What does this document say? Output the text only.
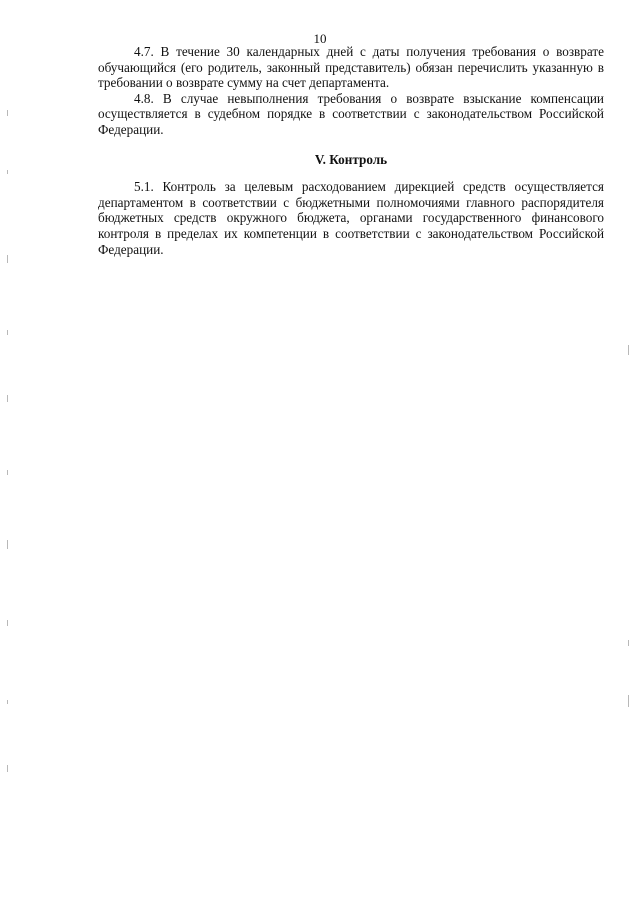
10

4.7. В течение 30 календарных дней с даты получения требования о возврате обучающийся (его родитель, законный представитель) обязан перечислить указанную в требовании о возврате сумму на счет департамента.

4.8. В случае невыполнения требования о возврате взыскание компенсации осуществляется в судебном порядке в соответствии с законодательством Российской Федерации.

V. Контроль

5.1. Контроль за целевым расходованием дирекцией средств осуществляется департаментом в соответствии с бюджетными полномочиями главного распорядителя бюджетных средств окружного бюджета, органами государственного финансового контроля в пределах их компетенции в соответствии с законодательством Российской Федерации.
